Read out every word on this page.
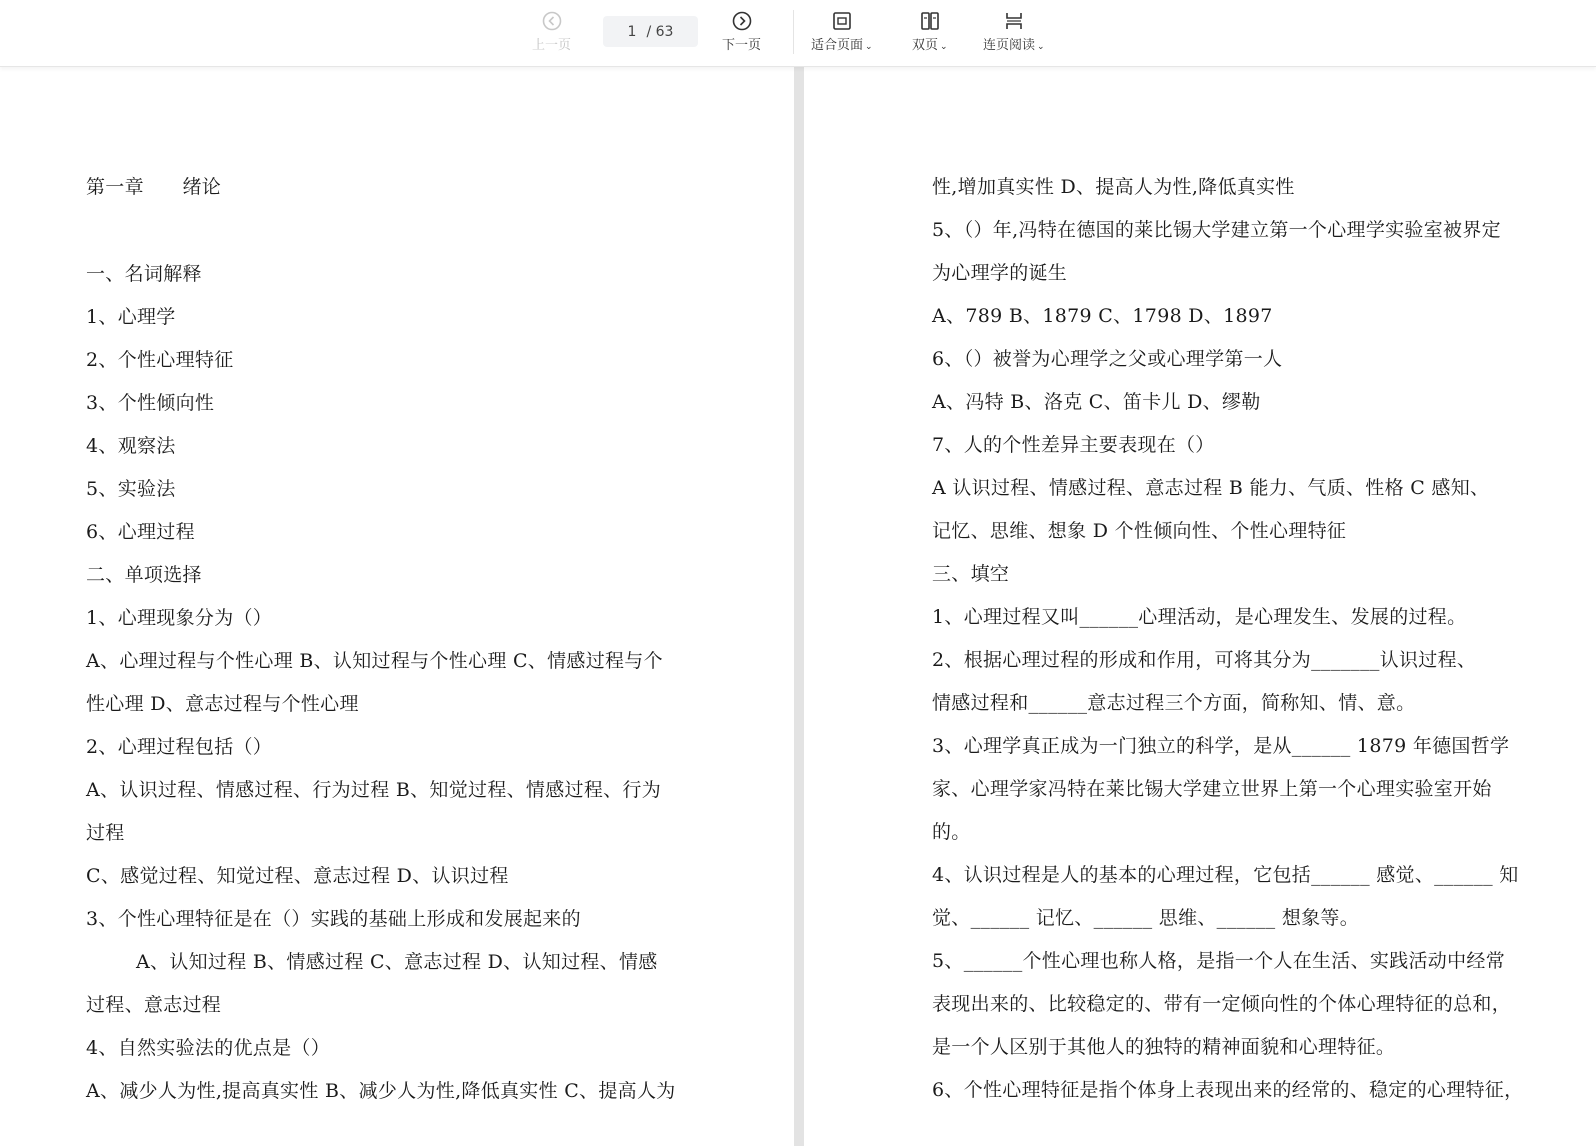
上一页
1 / 63
下一页	适合页面 ⌄	双页 ⌄	连页阅读 ⌄
第一章　　绪论
一、名词解释
1、心理学
2、个性心理特征
3、个性倾向性
4、观察法
5、实验法
6、心理过程
二、单项选择
1、心理现象分为（）
A、心理过程与个性心理 B、认知过程与个性心理 C、情感过程与个
性心理 D、意志过程与个性心理
2、心理过程包括（）
A、认识过程、情感过程、行为过程 B、知觉过程、情感过程、行为
过程
C、感觉过程、知觉过程、意志过程 D、认识过程
3、个性心理特征是在（）实践的基础上形成和发展起来的
A、认知过程 B、情感过程 C、意志过程 D、认知过程、情感
过程、意志过程
4、自然实验法的优点是（）
A、减少人为性,提高真实性 B、减少人为性,降低真实性 C、提高人为
性,增加真实性 D、提高人为性,降低真实性
5、（）年,冯特在德国的莱比锡大学建立第一个心理学实验室被界定
为心理学的诞生
A、789 B、1879 C、1798 D、1897
6、（）被誉为心理学之父或心理学第一人
A、冯特 B、洛克 C、笛卡儿 D、缪勒
7、人的个性差异主要表现在（）
A 认识过程、情感过程、意志过程 B 能力、气质、性格 C 感知、
记忆、思维、想象 D 个性倾向性、个性心理特征
三、填空
1、心理过程又叫______心理活动，是心理发生、发展的过程。
2、根据心理过程的形成和作用，可将其分为_______认识过程、
情感过程和______意志过程三个方面，简称知、情、意。
3、心理学真正成为一门独立的科学，是从______ 1879 年德国哲学
家、心理学家冯特在莱比锡大学建立世界上第一个心理实验室开始
的。
4、认识过程是人的基本的心理过程，它包括______ 感觉、______ 知
觉、______ 记忆、______ 思维、______ 想象等。
5、______个性心理也称人格，是指一个人在生活、实践活动中经常
表现出来的、比较稳定的、带有一定倾向性的个体心理特征的总和，
是一个人区别于其他人的独特的精神面貌和心理特征。
6、个性心理特征是指个体身上表现出来的经常的、稳定的心理特征，
